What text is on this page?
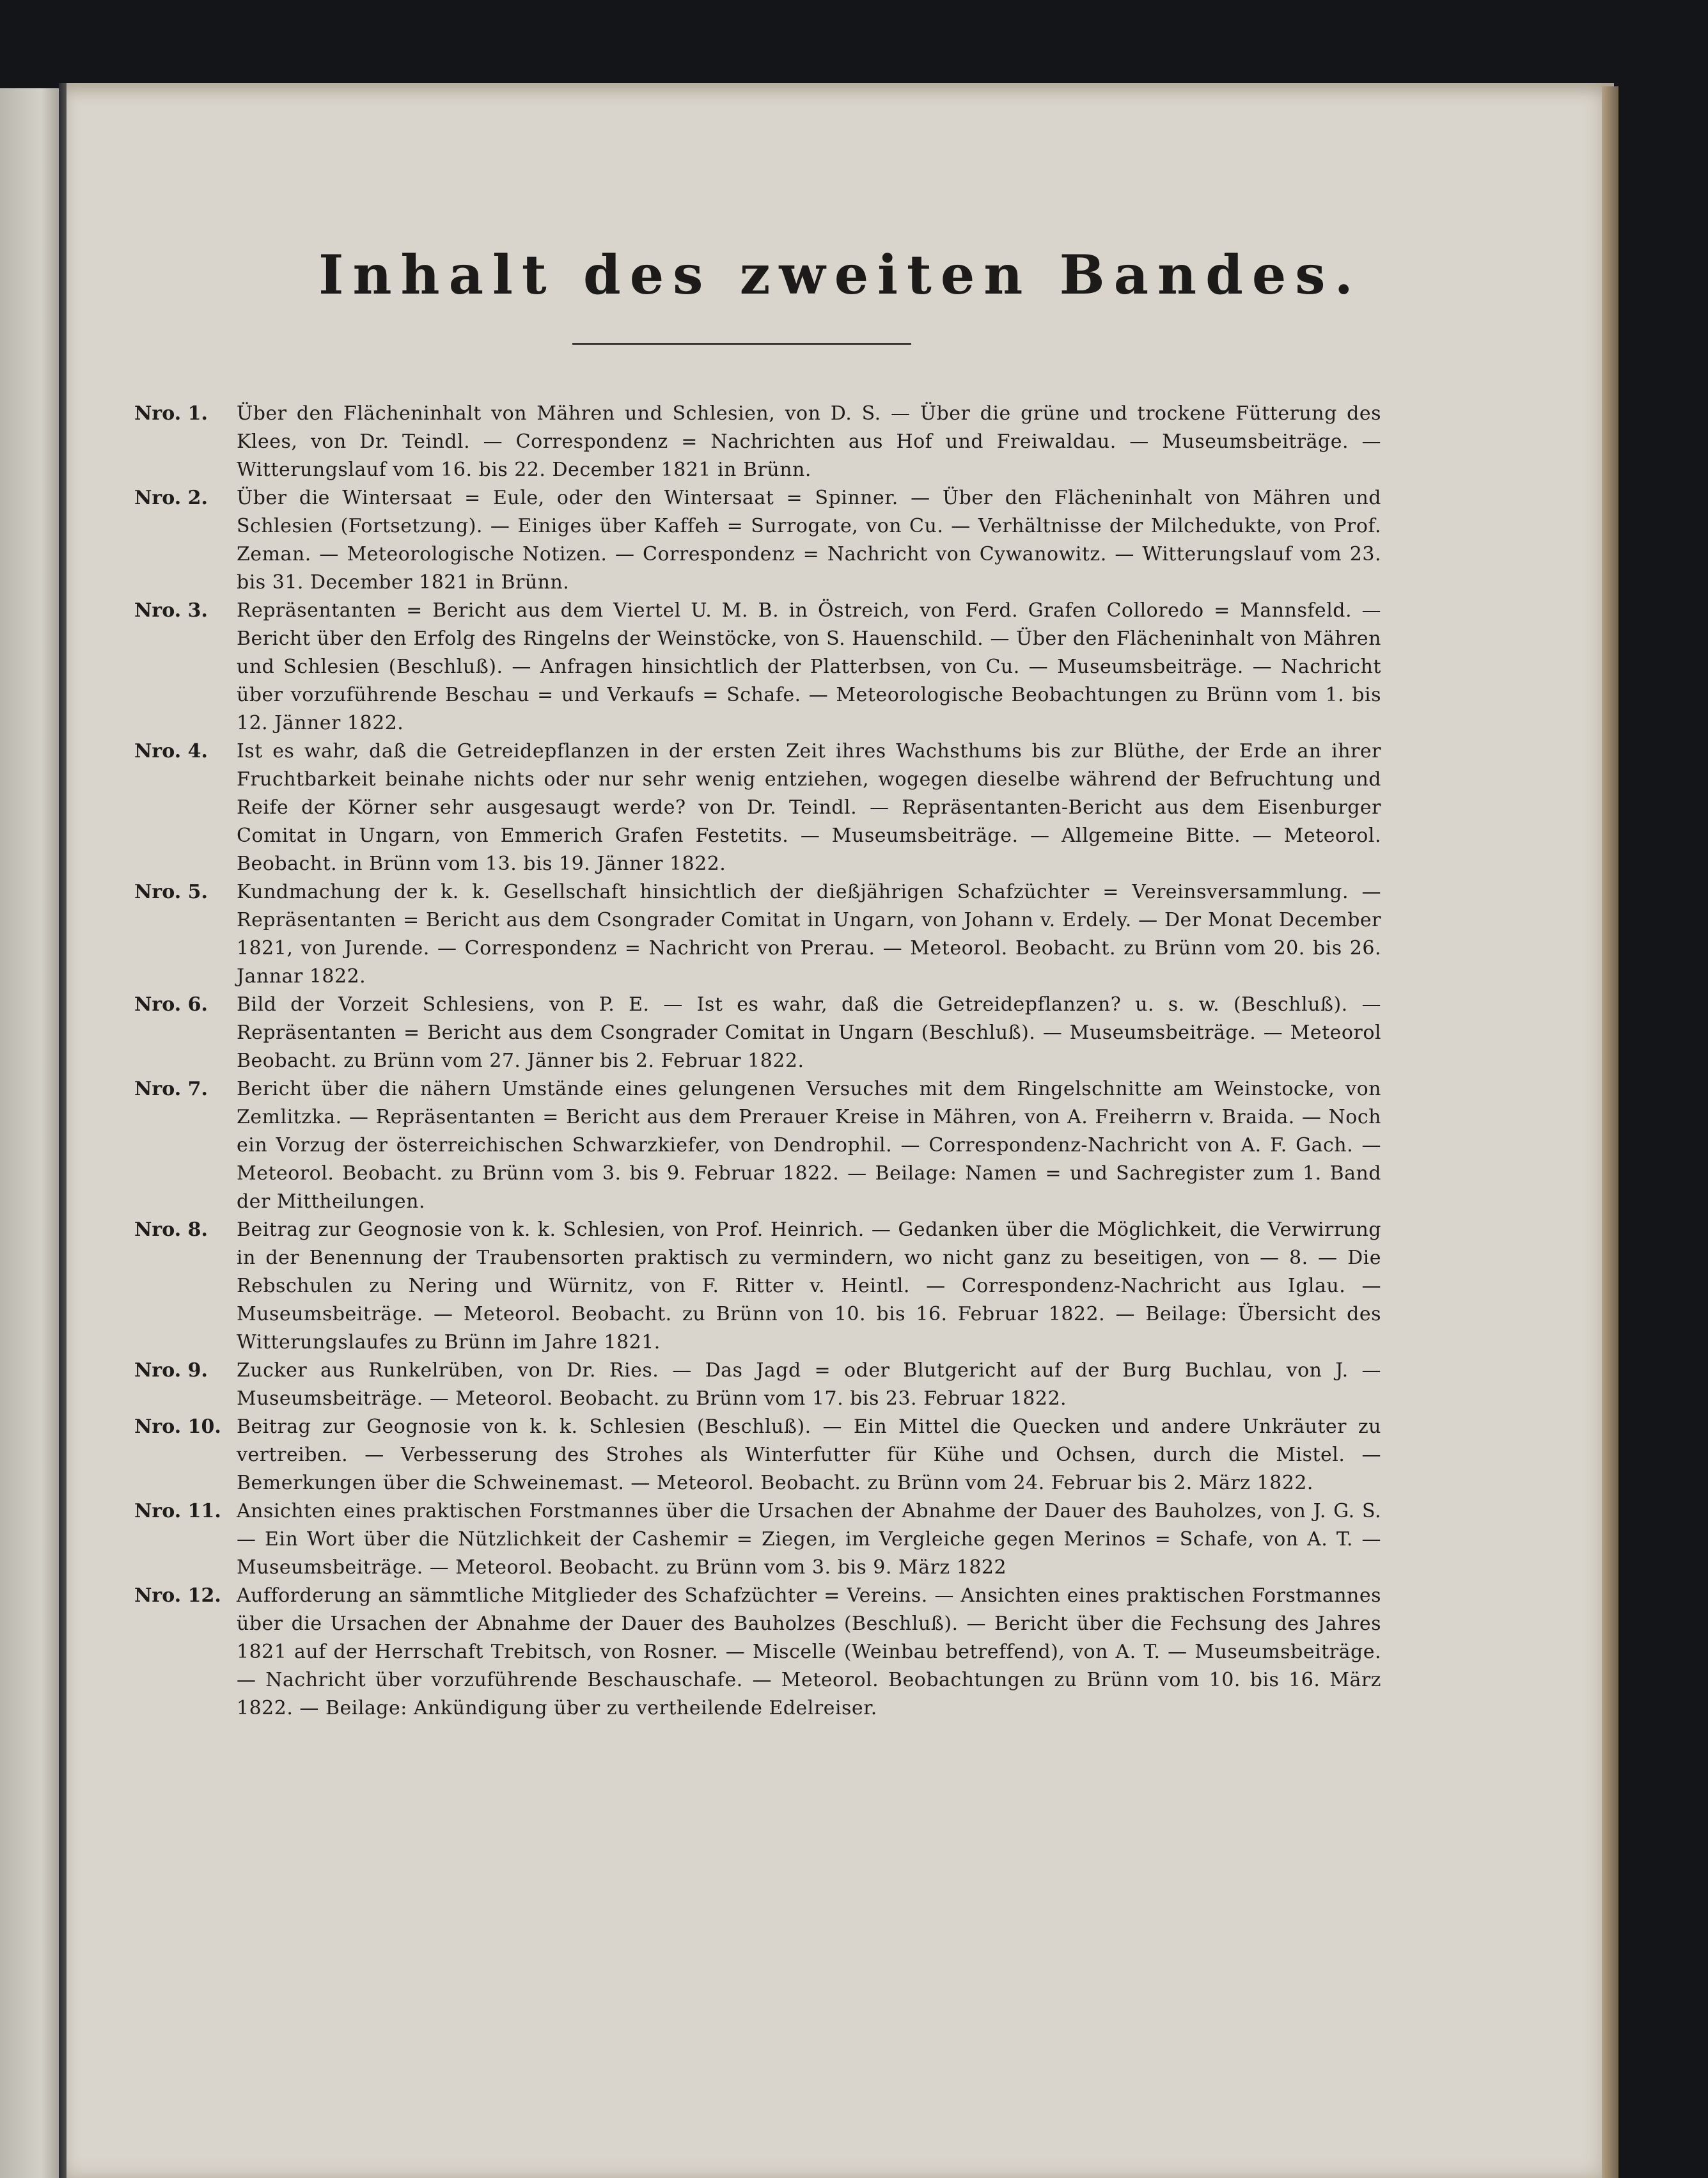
Inhalt des zweiten Bandes.
Nro. 1.	Über den Flächeninhalt von Mähren und Schlesien, von D. S. — Über die grüne und trockene Fütterung des Klees, von Dr. Teindl. — Correspondenz = Nachrichten aus Hof und Freiwaldau. — Museumsbeiträge. — Witterungslauf vom 16. bis 22. December 1821 in Brünn.
Nro. 2.	Über die Wintersaat = Eule, oder den Wintersaat = Spinner. — Über den Flächeninhalt von Mähren und Schlesien (Fortsetzung). — Einiges über Kaffeh = Surrogate, von Cu. — Verhältnisse der Milchedukte, von Prof. Zeman. — Meteorologische Notizen. — Correspondenz = Nachricht von Cywanowitz. — Witterungslauf vom 23. bis 31. December 1821 in Brünn.
Nro. 3.	Repräsentanten = Bericht aus dem Viertel U. M. B. in Östreich, von Ferd. Grafen Colloredo = Mannsfeld. — Bericht über den Erfolg des Ringelns der Weinstöcke, von S. Hauenschild. — Über den Flächeninhalt von Mähren und Schlesien (Beschluß). — Anfragen hinsichtlich der Platterbsen, von Cu. — Museumsbeiträge. — Nachricht über vorzuführende Beschau = und Verkaufs = Schafe. — Meteorologische Beobachtungen zu Brünn vom 1. bis 12. Jänner 1822.
Nro. 4.	Ist es wahr, daß die Getreidepflanzen in der ersten Zeit ihres Wachsthums bis zur Blüthe, der Erde an ihrer Fruchtbarkeit beinahe nichts oder nur sehr wenig entziehen, wogegen dieselbe während der Befruchtung und Reife der Körner sehr ausgesaugt werde? von Dr. Teindl. — Repräsentanten-Bericht aus dem Eisenburger Comitat in Ungarn, von Emmerich Grafen Festetits. — Museumsbeiträge. — Allgemeine Bitte. — Meteorol. Beobacht. in Brünn vom 13. bis 19. Jänner 1822.
Nro. 5.	Kundmachung der k. k. Gesellschaft hinsichtlich der dießjährigen Schafzüchter = Vereinsversammlung. — Repräsentanten = Bericht aus dem Csongrader Comitat in Ungarn, von Johann v. Erdely. — Der Monat December 1821, von Jurende. — Correspondenz = Nachricht von Prerau. — Meteorol. Beobacht. zu Brünn vom 20. bis 26. Jannar 1822.
Nro. 6.	Bild der Vorzeit Schlesiens, von P. E. — Ist es wahr, daß die Getreidepflanzen? u. s. w. (Beschluß). — Repräsentanten = Bericht aus dem Csongrader Comitat in Ungarn (Beschluß). — Museumsbeiträge. — Meteorol Beobacht. zu Brünn vom 27. Jänner bis 2. Februar 1822.
Nro. 7.	Bericht über die nähern Umstände eines gelungenen Versuches mit dem Ringelschnitte am Weinstocke, von Zemlitzka. — Repräsentanten = Bericht aus dem Prerauer Kreise in Mähren, von A. Freiherrn v. Braida. — Noch ein Vorzug der österreichischen Schwarzkiefer, von Dendrophil. — Correspondenz-Nachricht von A. F. Gach. — Meteorol. Beobacht. zu Brünn vom 3. bis 9. Februar 1822. — Beilage: Namen = und Sachregister zum 1. Band der Mittheilungen.
Nro. 8.	Beitrag zur Geognosie von k. k. Schlesien, von Prof. Heinrich. — Gedanken über die Möglichkeit, die Verwirrung in der Benennung der Traubensorten praktisch zu vermindern, wo nicht ganz zu beseitigen, von — 8. — Die Rebschulen zu Nering und Würnitz, von F. Ritter v. Heintl. — Correspondenz-Nachricht aus Iglau. — Museumsbeiträge. — Meteorol. Beobacht. zu Brünn von 10. bis 16. Februar 1822. — Beilage: Übersicht des Witterungslaufes zu Brünn im Jahre 1821.
Nro. 9.	Zucker aus Runkelrüben, von Dr. Ries. — Das Jagd = oder Blutgericht auf der Burg Buchlau, von J. — Museumsbeiträge. — Meteorol. Beobacht. zu Brünn vom 17. bis 23. Februar 1822.
Nro. 10. Beitrag zur Geognosie von k. k. Schlesien (Beschluß). — Ein Mittel die Quecken und andere Unkräuter zu vertreiben. — Verbesserung des Strohes als Winterfutter für Kühe und Ochsen, durch die Mistel. — Bemerkungen über die Schweinemast. — Meteorol. Beobacht. zu Brünn vom 24. Februar bis 2. März 1822.
Nro. 11. Ansichten eines praktischen Forstmannes über die Ursachen der Abnahme der Dauer des Bauholzes, von J. G. S. — Ein Wort über die Nützlichkeit der Cashemir = Ziegen, im Vergleiche gegen Merinos = Schafe, von A. T. — Museumsbeiträge. — Meteorol. Beobacht. zu Brünn vom 3. bis 9. März 1822
Nro. 12. Aufforderung an sämmtliche Mitglieder des Schafzüchter = Vereins. — Ansichten eines praktischen Forstmannes über die Ursachen der Abnahme der Dauer des Bauholzes (Beschluß). — Bericht über die Fechsung des Jahres 1821 auf der Herrschaft Trebitsch, von Rosner. — Miscelle (Weinbau betreffend), von A. T. — Museumsbeiträge. — Nachricht über vorzuführende Beschauschafe. — Meteorol. Beobachtungen zu Brünn vom 10. bis 16. März 1822. — Beilage: Ankündigung über zu vertheilende Edelreiser.
